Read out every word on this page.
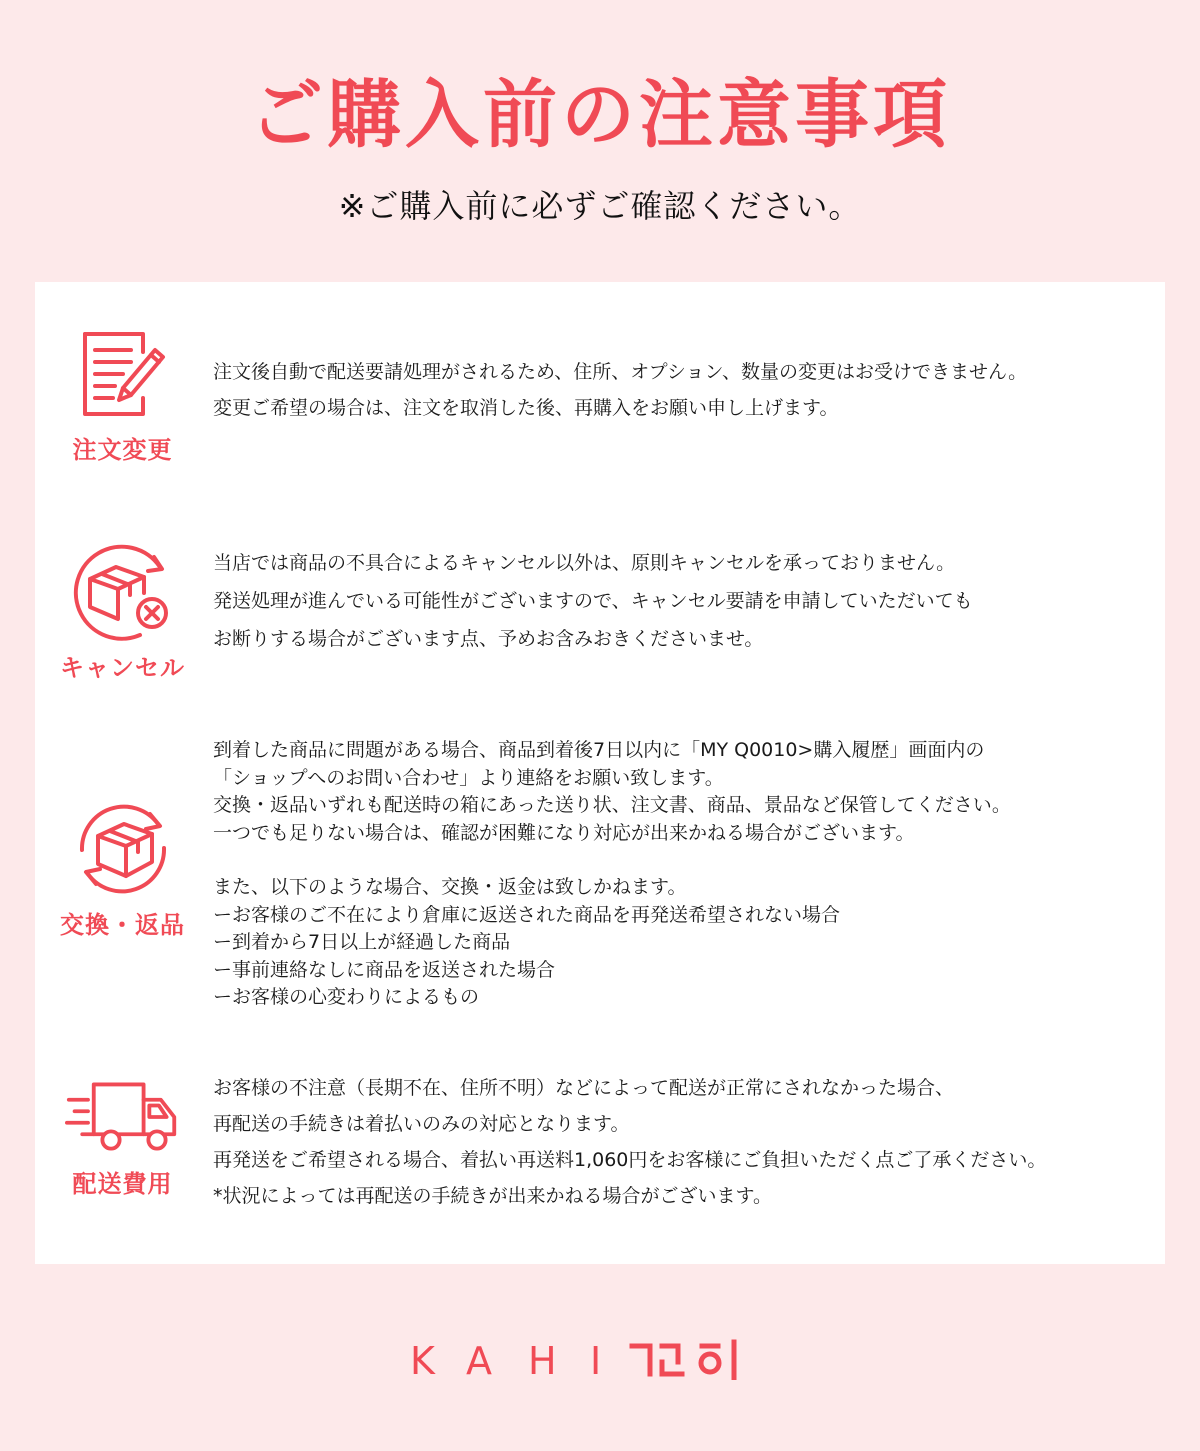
ご購入前の注意事項
※ご購入前に必ずご確認ください。
注文変更

注文後自動で配送要請処理がされるため、住所、オプション、数量の変更はお受けできません。

変更ご希望の場合は、注文を取消した後、再購入をお願い申し上げます。

キャンセル

当店では商品の不具合によるキャンセル以外は、原則キャンセルを承っておりません。

発送処理が進んでいる可能性がございますので、キャンセル要請を申請していただいても

お断りする場合がございます点、予めお含みおきくださいませ。

交換・返品

到着した商品に問題がある場合、商品到着後7日以内に「MY Q0010>購入履歴」画面内の

「ショップへのお問い合わせ」より連絡をお願い致します。

交換・返品いずれも配送時の箱にあった送り状、注文書、商品、景品など保管してください。

一つでも足りない場合は、確認が困難になり対応が出来かねる場合がございます。

また、以下のような場合、交換・返金は致しかねます。

ーお客様のご不在により倉庫に返送された商品を再発送希望されない場合

ー到着から7日以上が経過した商品

ー事前連絡なしに商品を返送された場合

ーお客様の心変わりによるもの

配送費用

お客様の不注意（長期不在、住所不明）などによって配送が正常にされなかった場合、

再配送の手続きは着払いのみの対応となります。

再発送をご希望される場合、着払い再送料1,060円をお客様にご負担いただく点ご了承ください。

*状況によっては再配送の手続きが出来かねる場合がございます。

K A H I
